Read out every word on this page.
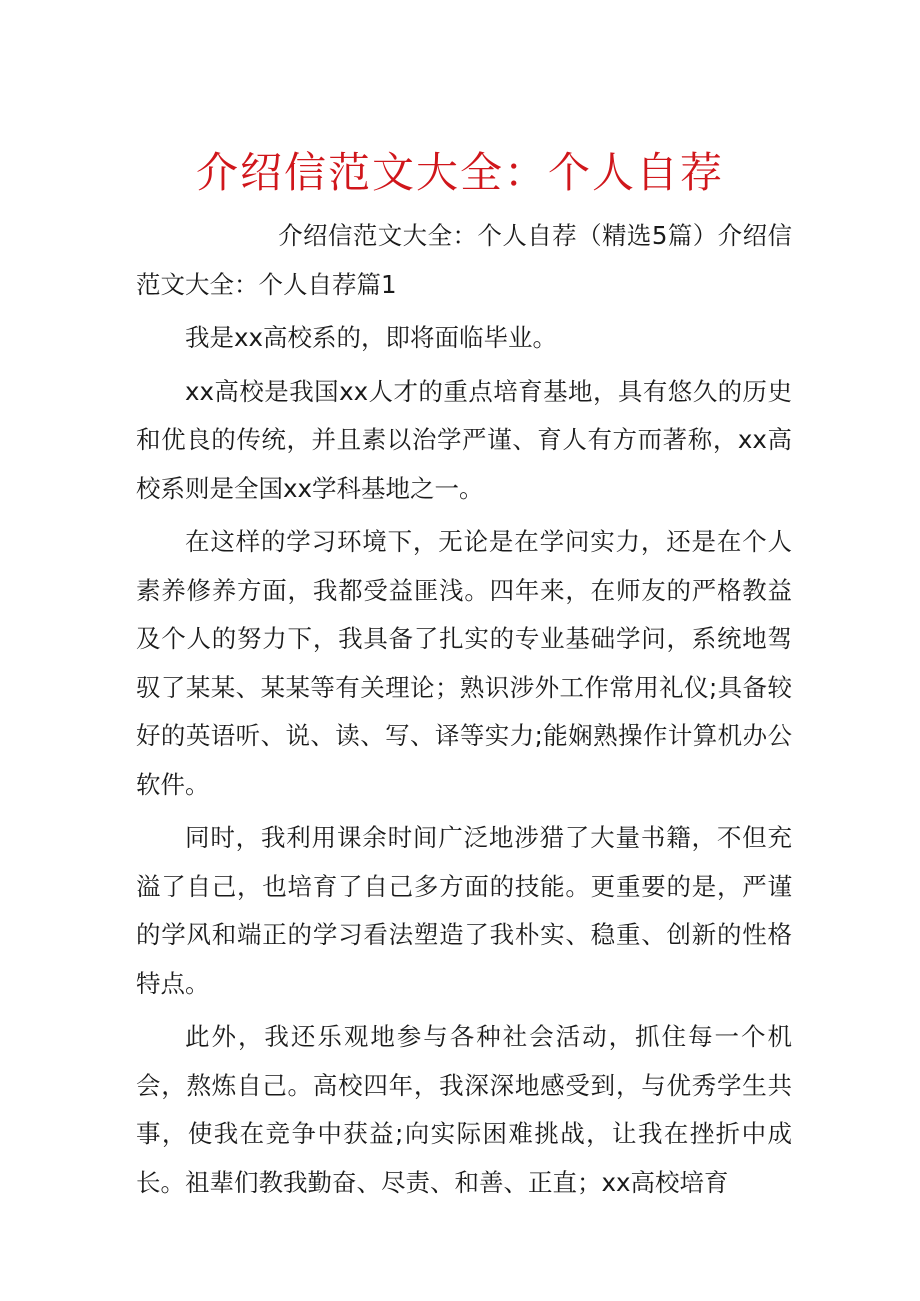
介绍信范文大全：个人自荐

介绍信范文大全：个人自荐（精选5篇）介绍信范文大全：个人自荐篇1

我是xx高校系的，即将面临毕业。

xx高校是我国xx人才的重点培育基地，具有悠久的历史和优良的传统，并且素以治学严谨、育人有方而著称，xx高校系则是全国xx学科基地之一。

在这样的学习环境下，无论是在学问实力，还是在个人素养修养方面，我都受益匪浅。四年来，在师友的严格教益及个人的努力下，我具备了扎实的专业基础学问，系统地驾驭了某某、某某等有关理论；熟识涉外工作常用礼仪;具备较好的英语听、说、读、写、译等实力;能娴熟操作计算机办公软件。

同时，我利用课余时间广泛地涉猎了大量书籍，不但充溢了自己，也培育了自己多方面的技能。更重要的是，严谨的学风和端正的学习看法塑造了我朴实、稳重、创新的性格特点。

此外，我还乐观地参与各种社会活动，抓住每一个机会，熬炼自己。高校四年，我深深地感受到，与优秀学生共事，使我在竞争中获益;向实际困难挑战，让我在挫折中成长。祖辈们教我勤奋、尽责、和善、正直；xx高校培育
